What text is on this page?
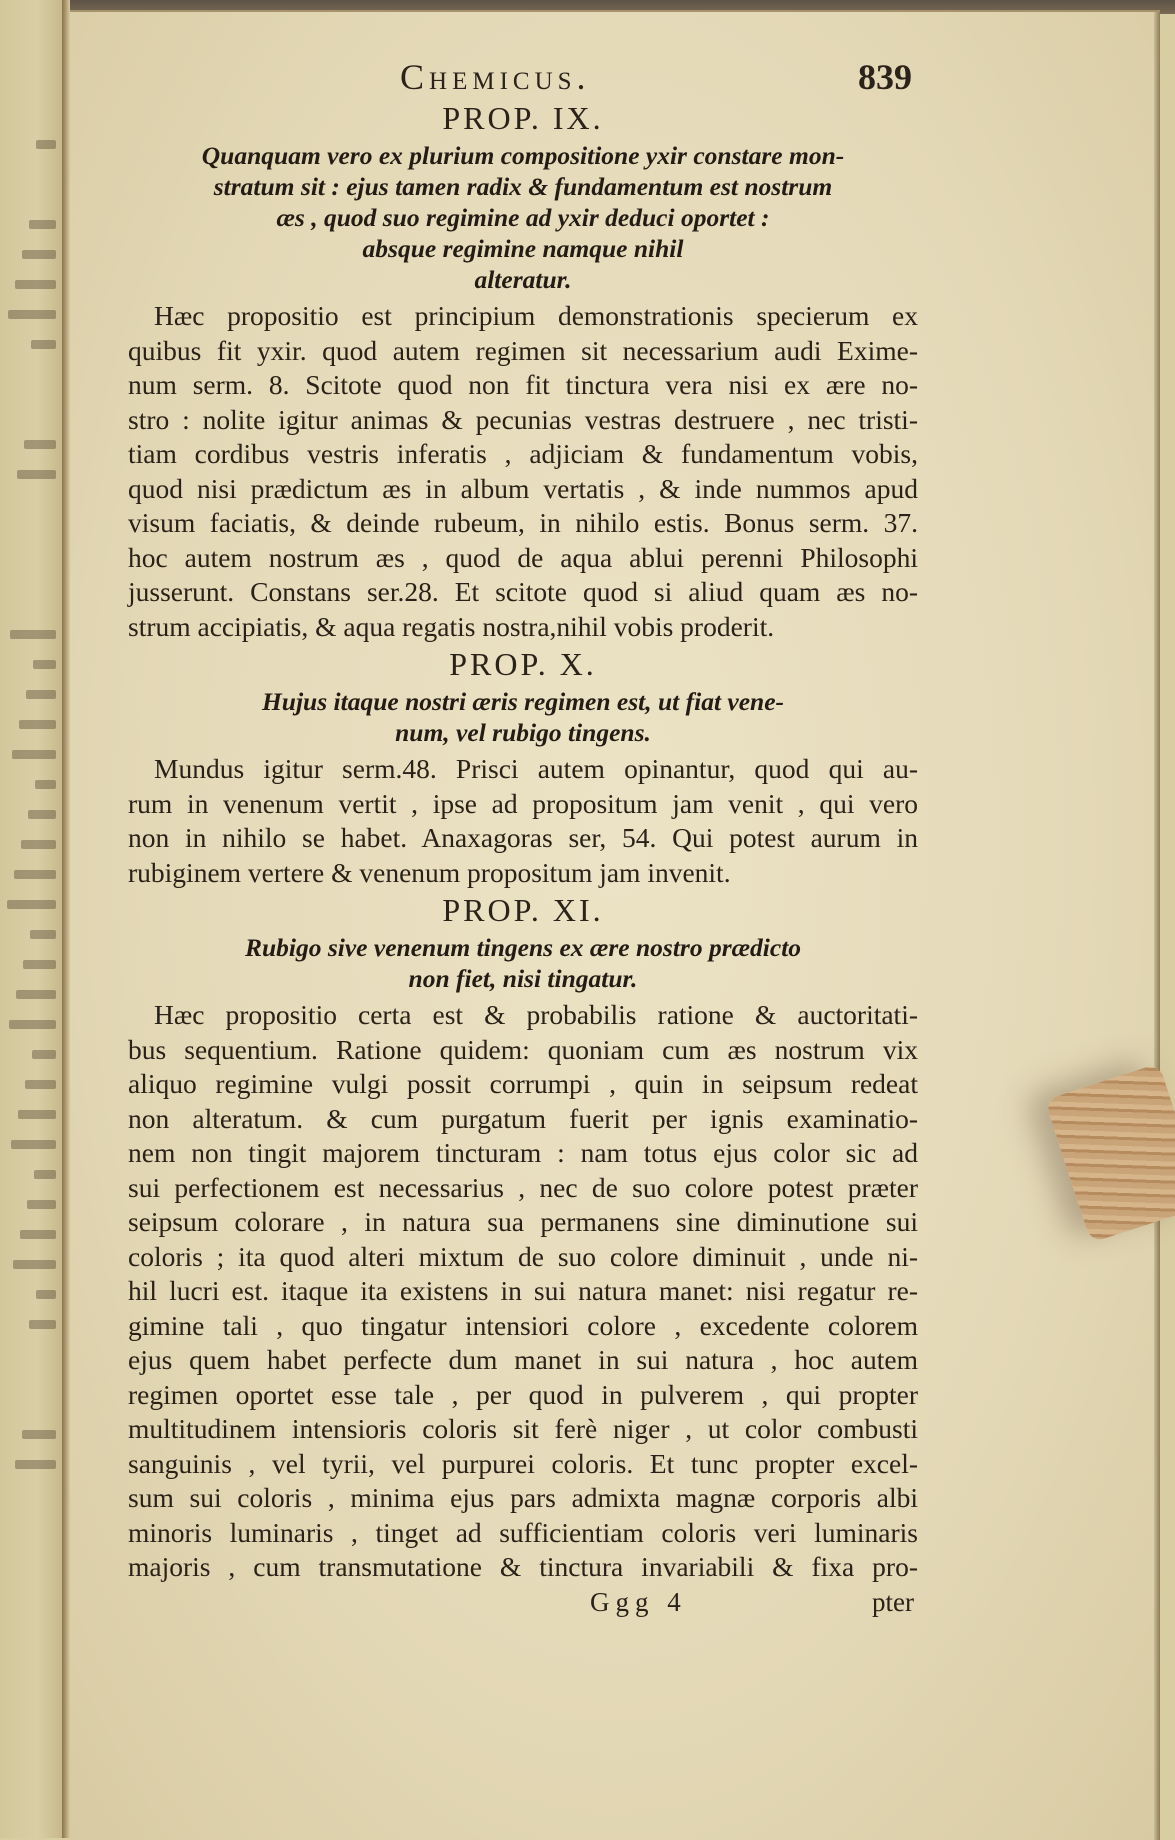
Chemicus.	839
PROP. IX.
Quanquam vero ex plurium compositione yxir constare mon-
stratum sit : ejus tamen radix & fundamentum est nostrum
æs , quod suo regimine ad yxir deduci oportet :
absque regimine namque nihil
alteratur.
Hæc propositio est principium demonstrationis specierum ex
quibus fit yxir. quod autem regimen sit necessarium audi Exime-
num serm. 8. Scitote quod non fit tinctura vera nisi ex ære no-
stro : nolite igitur animas & pecunias vestras destruere , nec tristi-
tiam cordibus vestris inferatis , adjiciam & fundamentum vobis,
quod nisi prædictum æs in album vertatis , & inde nummos apud
visum faciatis, & deinde rubeum, in nihilo estis. Bonus serm. 37.
hoc autem nostrum æs , quod de aqua ablui perenni Philosophi
jusserunt. Constans ser.28. Et scitote quod si aliud quam æs no-
strum accipiatis, & aqua regatis nostra,nihil vobis proderit.
PROP. X.
Hujus itaque nostri æris regimen est, ut fiat vene-
num, vel rubigo tingens.
Mundus igitur serm.48. Prisci autem opinantur, quod qui au-
rum in venenum vertit , ipse ad propositum jam venit , qui vero
non in nihilo se habet. Anaxagoras ser, 54. Qui potest aurum in
rubiginem vertere & venenum propositum jam invenit.
PROP. XI.
Rubigo sive venenum tingens ex ære nostro prædicto
non fiet, nisi tingatur.
Hæc propositio certa est & probabilis ratione & auctoritati-
bus sequentium. Ratione quidem: quoniam cum æs nostrum vix
aliquo regimine vulgi possit corrumpi , quin in seipsum redeat
non alteratum. & cum purgatum fuerit per ignis examinatio-
nem non tingit majorem tincturam : nam totus ejus color sic ad
sui perfectionem est necessarius , nec de suo colore potest præter
seipsum colorare , in natura sua permanens sine diminutione sui
coloris ; ita quod alteri mixtum de suo colore diminuit , unde ni-
hil lucri est. itaque ita existens in sui natura manet: nisi regatur re-
gimine tali , quo tingatur intensiori colore , excedente colorem
ejus quem habet perfecte dum manet in sui natura , hoc autem
regimen oportet esse tale , per quod in pulverem , qui propter
multitudinem intensioris coloris sit ferè niger , ut color combusti
sanguinis , vel tyrii, vel purpurei coloris. Et tunc propter excel-
sum sui coloris , minima ejus pars admixta magnæ corporis albi
minoris luminaris , tinget ad sufficientiam coloris veri luminaris
majoris , cum transmutatione & tinctura invariabili & fixa pro-
Ggg 4	pter
